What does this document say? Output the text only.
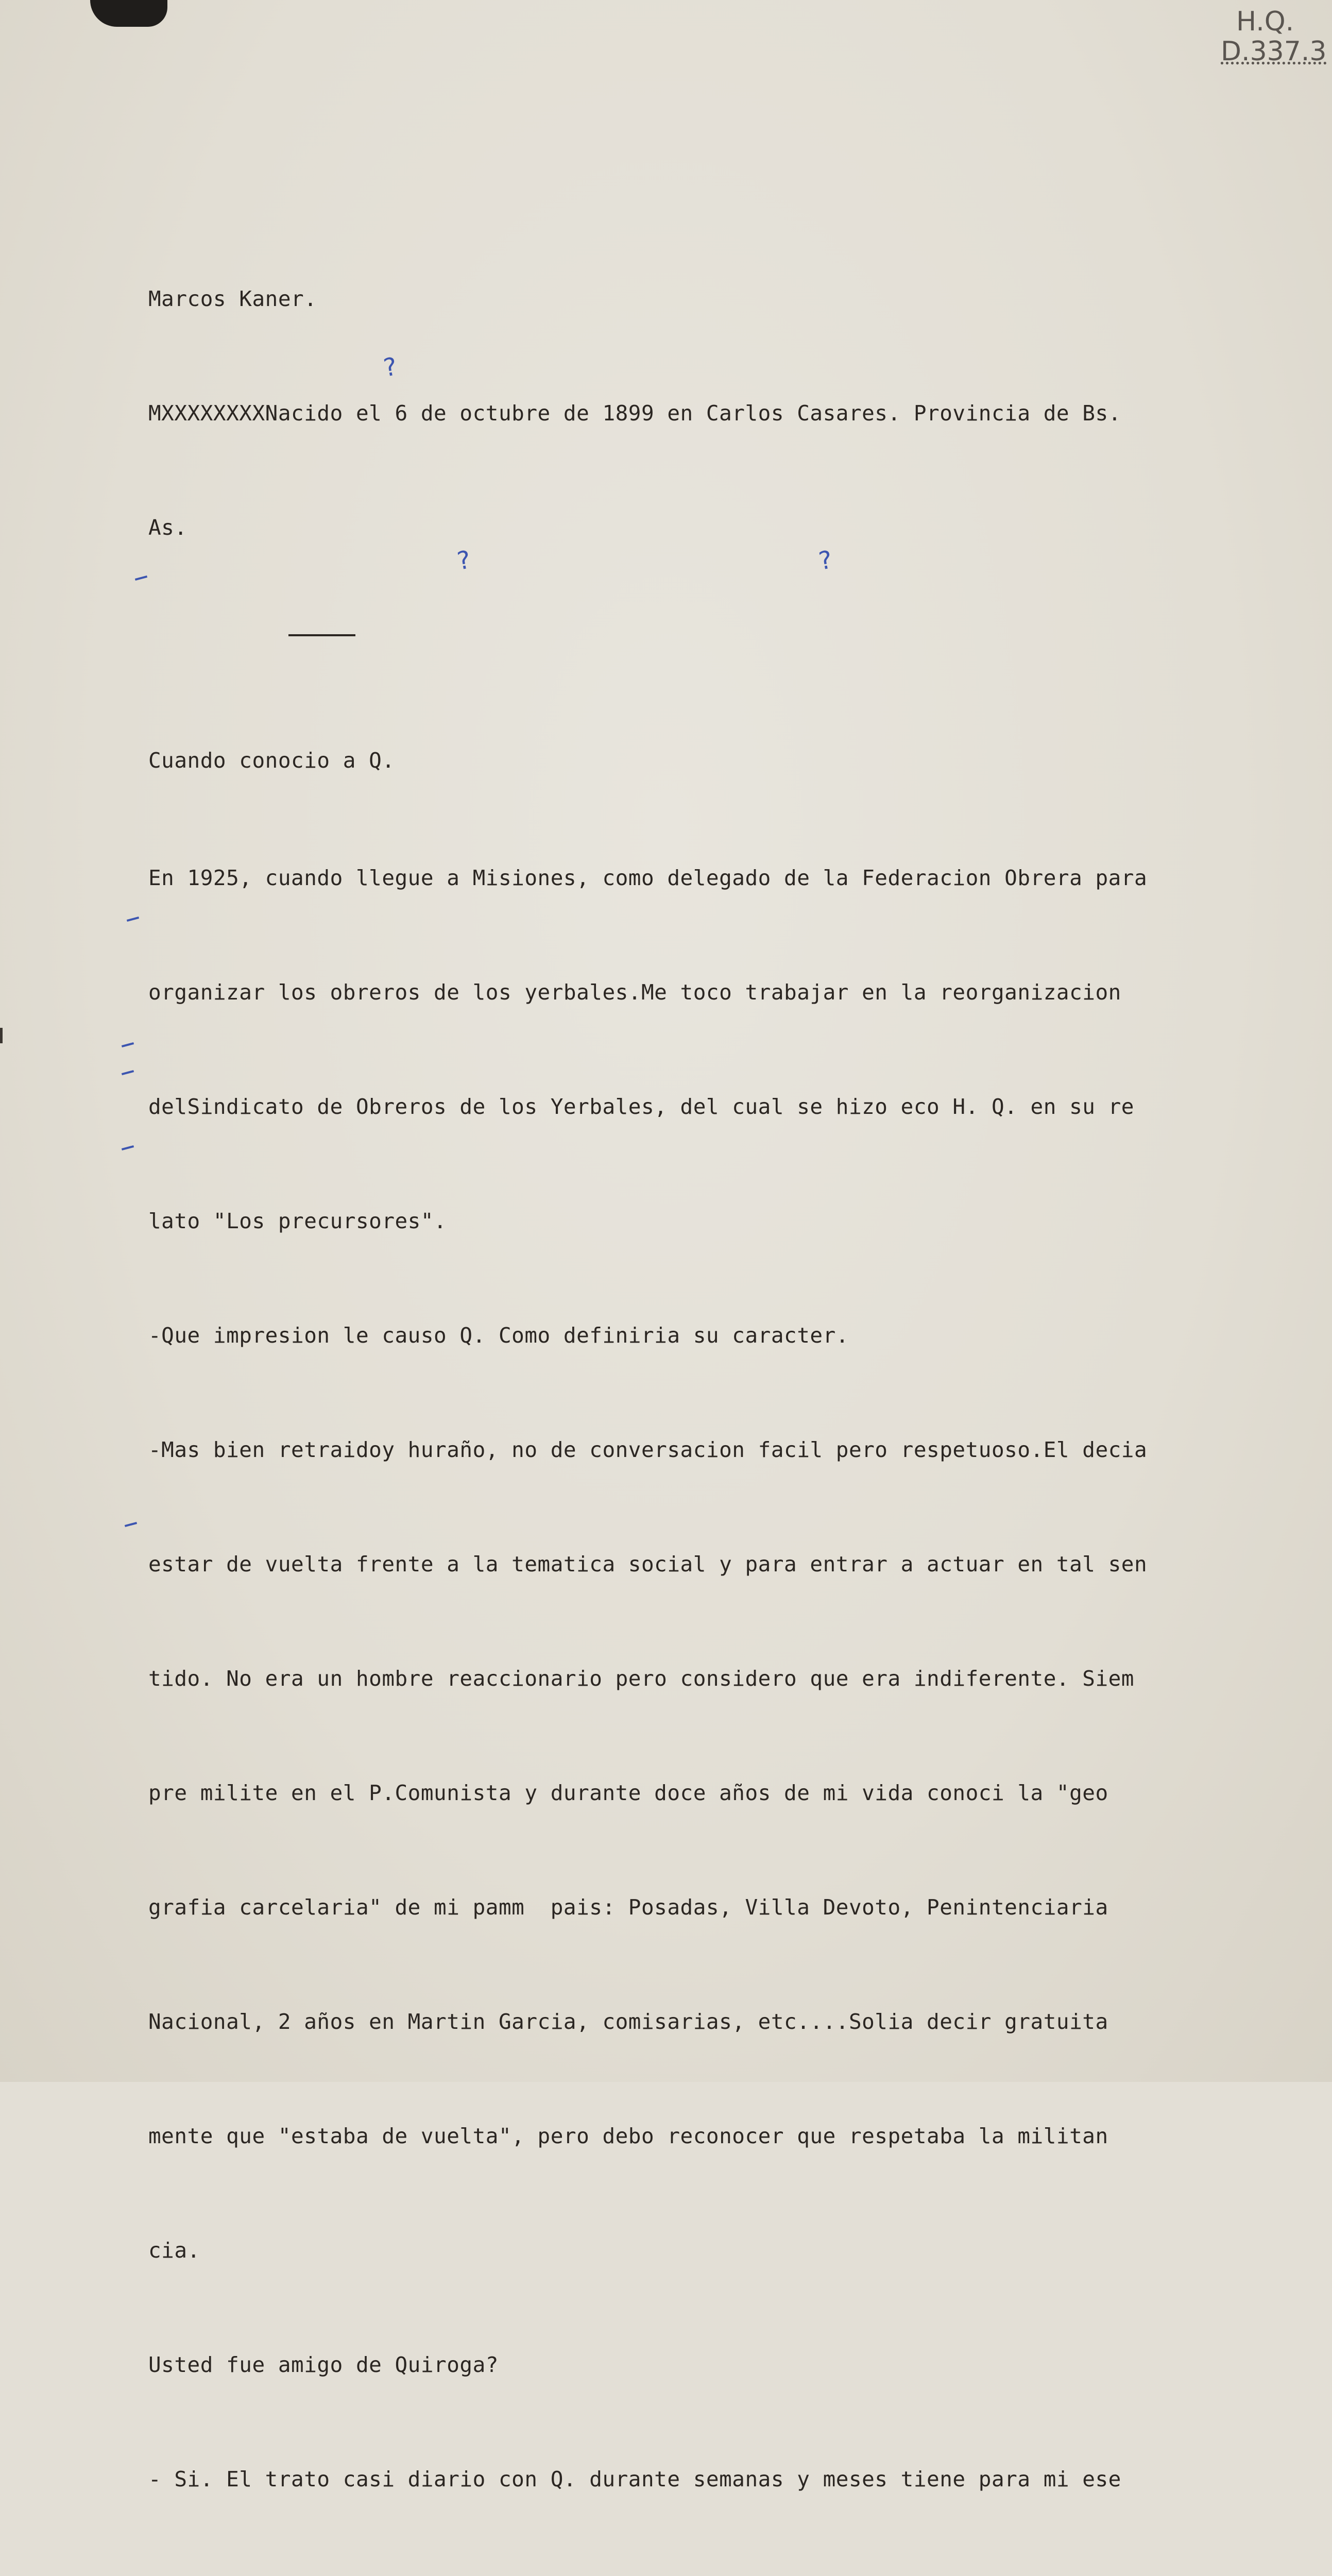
H.Q.
D.337.3

Marcos Kaner.

MXXXXXXXXNacido el 6 de octubre de 1899 en Carlos Casares. Provincia de Bs.

As.

Cuando conocio a Q.

En 1925, cuando llegue a Misiones, como delegado de la Federacion Obrera para

organizar los obreros de los yerbales.Me toco trabajar en la reorganizacion

delSindicato de Obreros de los Yerbales, del cual se hizo eco H. Q. en su re

lato "Los precursores".

-Que impresion le causo Q. Como definiria su caracter.

-Mas bien retraidoy huraño, no de conversacion facil pero respetuoso.El decia

estar de vuelta frente a la tematica social y para entrar a actuar en tal sen

tido. No era un hombre reaccionario pero considero que era indiferente. Siem

pre milite en el P.Comunista y durante doce años de mi vida conoci la "geo

grafia carcelaria" de mi pamm  pais: Posadas, Villa Devoto, Penintenciaria

Nacional, 2 años en Martin Garcia, comisarias, etc....Solia decir gratuita

mente que "estaba de vuelta", pero debo reconocer que respetaba la militan

cia.

Usted fue amigo de Quiroga?

- Si. El trato casi diario con Q. durante semanas y meses tiene para mi ese

?
?	?
